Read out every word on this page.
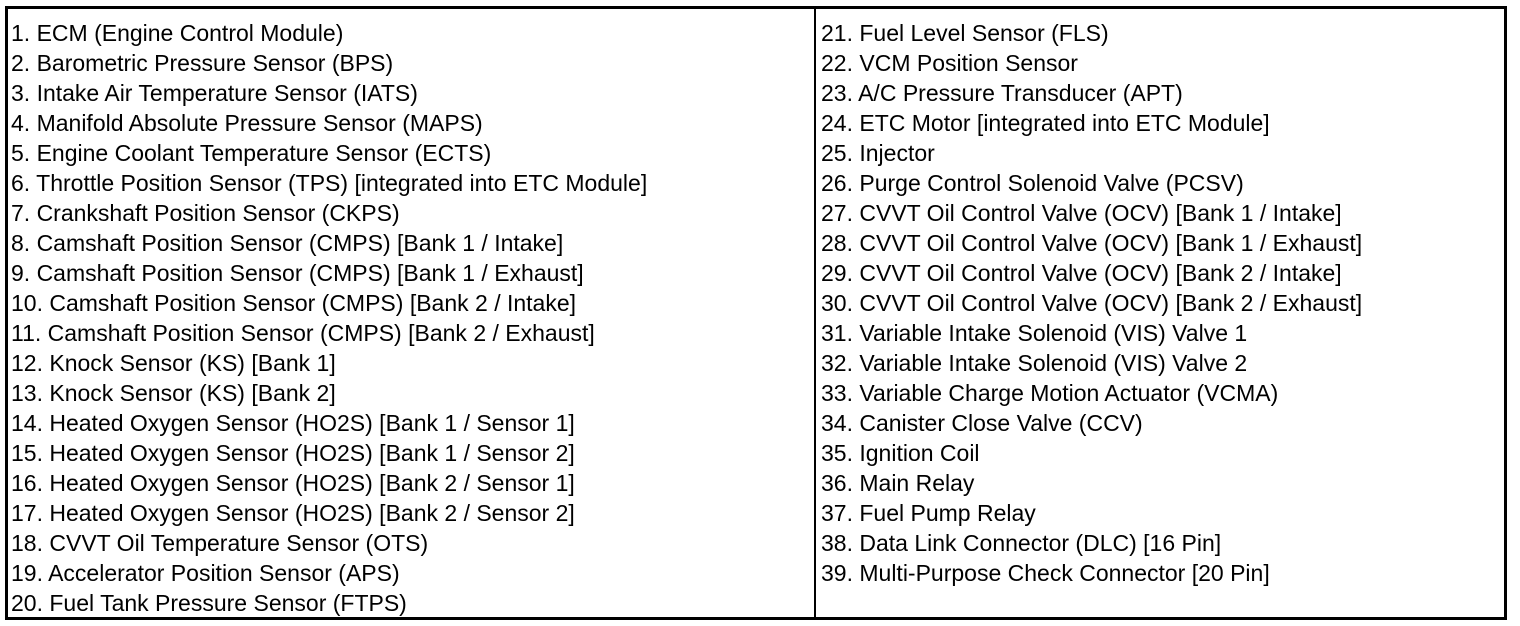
1. ECM (Engine Control Module)
2. Barometric Pressure Sensor (BPS)
3. Intake Air Temperature Sensor (IATS)
4. Manifold Absolute Pressure Sensor (MAPS)
5. Engine Coolant Temperature Sensor (ECTS)
6. Throttle Position Sensor (TPS) [integrated into ETC Module]
7. Crankshaft Position Sensor (CKPS)
8. Camshaft Position Sensor (CMPS) [Bank 1 / Intake]
9. Camshaft Position Sensor (CMPS) [Bank 1 / Exhaust]
10. Camshaft Position Sensor (CMPS) [Bank 2 / Intake]
11. Camshaft Position Sensor (CMPS) [Bank 2 / Exhaust]
12. Knock Sensor (KS) [Bank 1]
13. Knock Sensor (KS) [Bank 2]
14. Heated Oxygen Sensor (HO2S) [Bank 1 / Sensor 1]
15. Heated Oxygen Sensor (HO2S) [Bank 1 / Sensor 2]
16. Heated Oxygen Sensor (HO2S) [Bank 2 / Sensor 1]
17. Heated Oxygen Sensor (HO2S) [Bank 2 / Sensor 2]
18. CVVT Oil Temperature Sensor (OTS)
19. Accelerator Position Sensor (APS)
20. Fuel Tank Pressure Sensor (FTPS)
21. Fuel Level Sensor (FLS)
22. VCM Position Sensor
23. A/C Pressure Transducer (APT)
24. ETC Motor [integrated into ETC Module]
25. Injector
26. Purge Control Solenoid Valve (PCSV)
27. CVVT Oil Control Valve (OCV) [Bank 1 / Intake]
28. CVVT Oil Control Valve (OCV) [Bank 1 / Exhaust]
29. CVVT Oil Control Valve (OCV) [Bank 2 / Intake]
30. CVVT Oil Control Valve (OCV) [Bank 2 / Exhaust]
31. Variable Intake Solenoid (VIS) Valve 1
32. Variable Intake Solenoid (VIS) Valve 2
33. Variable Charge Motion Actuator (VCMA)
34. Canister Close Valve (CCV)
35. Ignition Coil
36. Main Relay
37. Fuel Pump Relay
38. Data Link Connector (DLC) [16 Pin]
39. Multi-Purpose Check Connector [20 Pin]
